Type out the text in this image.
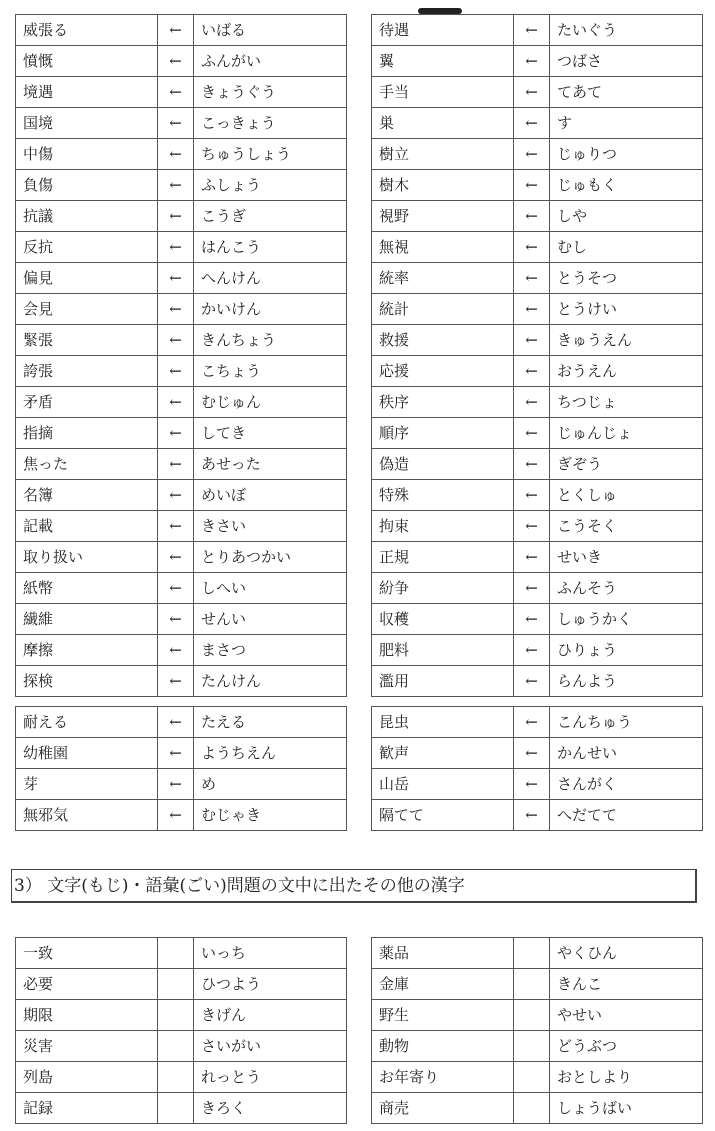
威張る	←	いばる
憤慨	←	ふんがい
境遇	←	きょうぐう
国境	←	こっきょう
中傷	←	ちゅうしょう
負傷	←	ふしょう
抗議	←	こうぎ
反抗	←	はんこう
偏見	←	へんけん
会見	←	かいけん
緊張	←	きんちょう
誇張	←	こちょう
矛盾	←	むじゅん
指摘	←	してき
焦った	←	あせった
名簿	←	めいぼ
記載	←	きさい
取り扱い	←	とりあつかい
紙幣	←	しへい
繊維	←	せんい
摩擦	←	まさつ
探検	←	たんけん
待遇	←	たいぐう
翼	←	つばさ
手当	←	てあて
巣	←	す
樹立	←	じゅりつ
樹木	←	じゅもく
視野	←	しや
無視	←	むし
統率	←	とうそつ
統計	←	とうけい
救援	←	きゅうえん
応援	←	おうえん
秩序	←	ちつじょ
順序	←	じゅんじょ
偽造	←	ぎぞう
特殊	←	とくしゅ
拘束	←	こうそく
正規	←	せいき
紛争	←	ふんそう
収穫	←	しゅうかく
肥料	←	ひりょう
濫用	←	らんよう
耐える	←	たえる
幼稚園	←	ようちえん
芽	←	め
無邪気	←	むじゃき
昆虫	←	こんちゅう
歓声	←	かんせい
山岳	←	さんがく
隔てて	←	へだてて
3） 文字(もじ)・語彙(ごい)問題の文中に出たその他の漢字
一致		いっち
必要		ひつよう
期限		きげん
災害		さいがい
列島		れっとう
記録		きろく
薬品		やくひん
金庫		きんこ
野生		やせい
動物		どうぶつ
お年寄り		おとしより
商売		しょうばい
